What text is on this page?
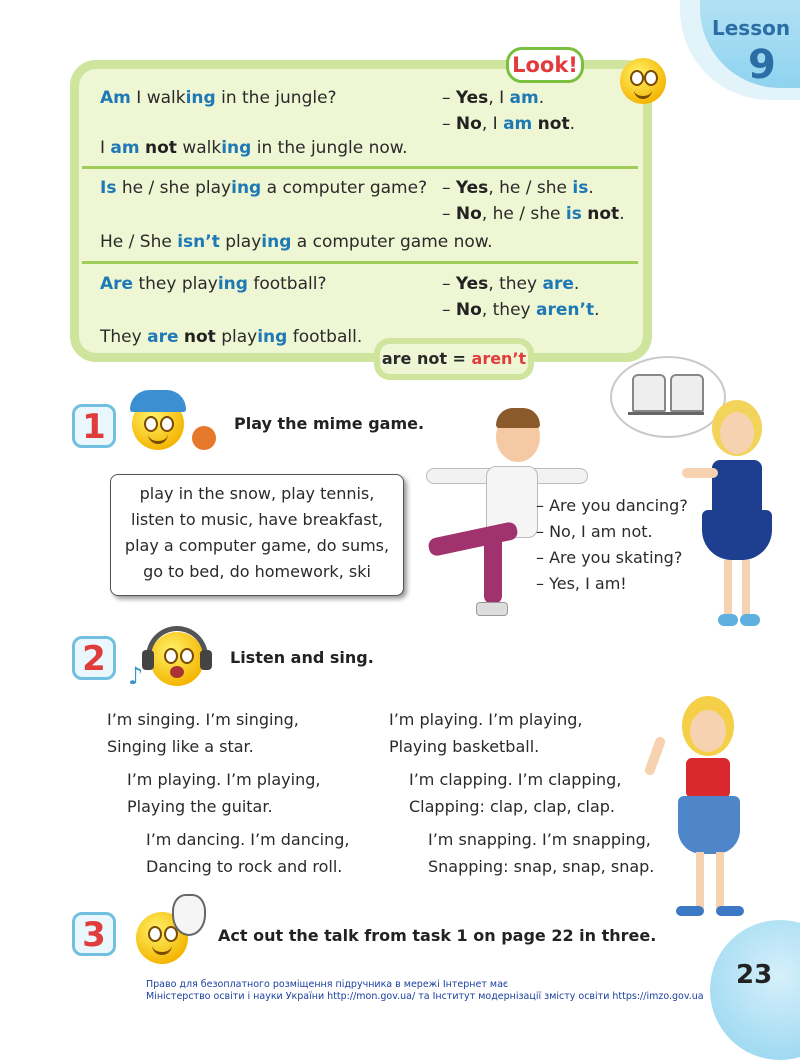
Lesson
9
Am I walking in the jungle?	– Yes, I am.
– No, I am not.
I am not walking in the jungle now.
Is he / she playing a computer game? – Yes, he / she is.
– No, he / she is not.
He / She isn’t playing a computer game now.
Are they playing football?	– Yes, they are.
– No, they aren’t.
They are not playing football.
are not = aren’t
Look!
1	Play the mime game.
play in the snow, play tennis,
listen to music, have breakfast,
play a computer game, do sums,
go to bed, do homework, ski
– Are you dancing?
– No, I am not.
– Are you skating?
– Yes, I am!
2 ♪
Listen and sing.
I’m singing. I’m singing,
Singing like a star.
I’m playing. I’m playing,
Playing the guitar.
I’m dancing. I’m dancing,
Dancing to rock and roll.
I’m playing. I’m playing,
Playing basketball.
I’m clapping. I’m clapping,
Clapping: clap, clap, clap.
I’m snapping. I’m snapping,
Snapping: snap, snap, snap.
3	Act out the talk from task 1 on page 22 in three.
Право для безоплатного розміщення підручника в мережі Інтернет має
Міністерство освіти і науки України http://mon.gov.ua/ та Інститут модернізації змісту освіти https://imzo.gov.ua
23
